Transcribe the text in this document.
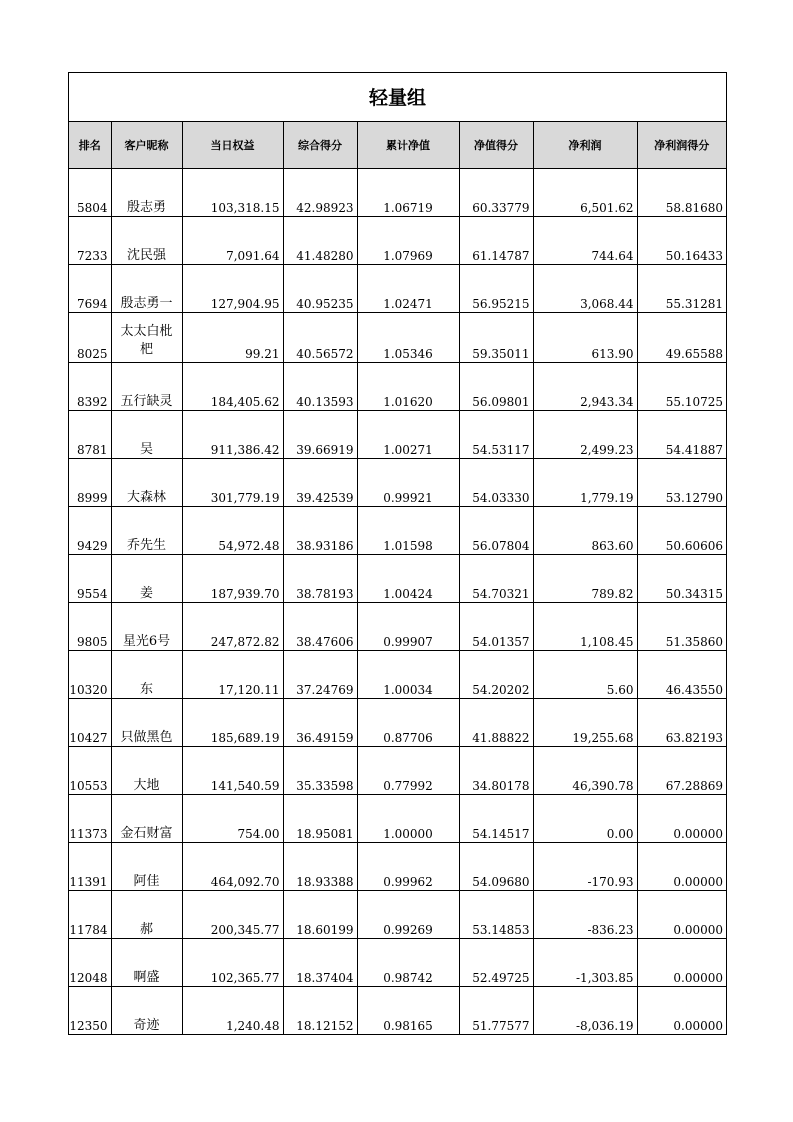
轻量组
排名	客户昵称	当日权益	综合得分	累计净值	净值得分	净利润	净利润得分
5804	殷志勇	103,318.15	42.98923	1.06719	60.33779	6,501.62	58.81680
7233	沈民强	7,091.64	41.48280	1.07969	61.14787	744.64	50.16433
7694	殷志勇一	127,904.95	40.95235	1.02471	56.95215	3,068.44	55.31281
8025	太太白枇杷	99.21	40.56572	1.05346	59.35011	613.90	49.65588
8392	五行缺灵	184,405.62	40.13593	1.01620	56.09801	2,943.34	55.10725
8781	吴	911,386.42	39.66919	1.00271	54.53117	2,499.23	54.41887
8999	大森林	301,779.19	39.42539	0.99921	54.03330	1,779.19	53.12790
9429	乔先生	54,972.48	38.93186	1.01598	56.07804	863.60	50.60606
9554	姜	187,939.70	38.78193	1.00424	54.70321	789.82	50.34315
9805	星光6号	247,872.82	38.47606	0.99907	54.01357	1,108.45	51.35860
10320	东	17,120.11	37.24769	1.00034	54.20202	5.60	46.43550
10427	只做黑色	185,689.19	36.49159	0.87706	41.88822	19,255.68	63.82193
10553	大地	141,540.59	35.33598	0.77992	34.80178	46,390.78	67.28869
11373	金石财富	754.00	18.95081	1.00000	54.14517	0.00	0.00000
11391	阿佳	464,092.70	18.93388	0.99962	54.09680	-170.93	0.00000
11784	郝	200,345.77	18.60199	0.99269	53.14853	-836.23	0.00000
12048	啊盛	102,365.77	18.37404	0.98742	52.49725	-1,303.85	0.00000
12350	奇迹	1,240.48	18.12152	0.98165	51.77577	-8,036.19	0.00000
